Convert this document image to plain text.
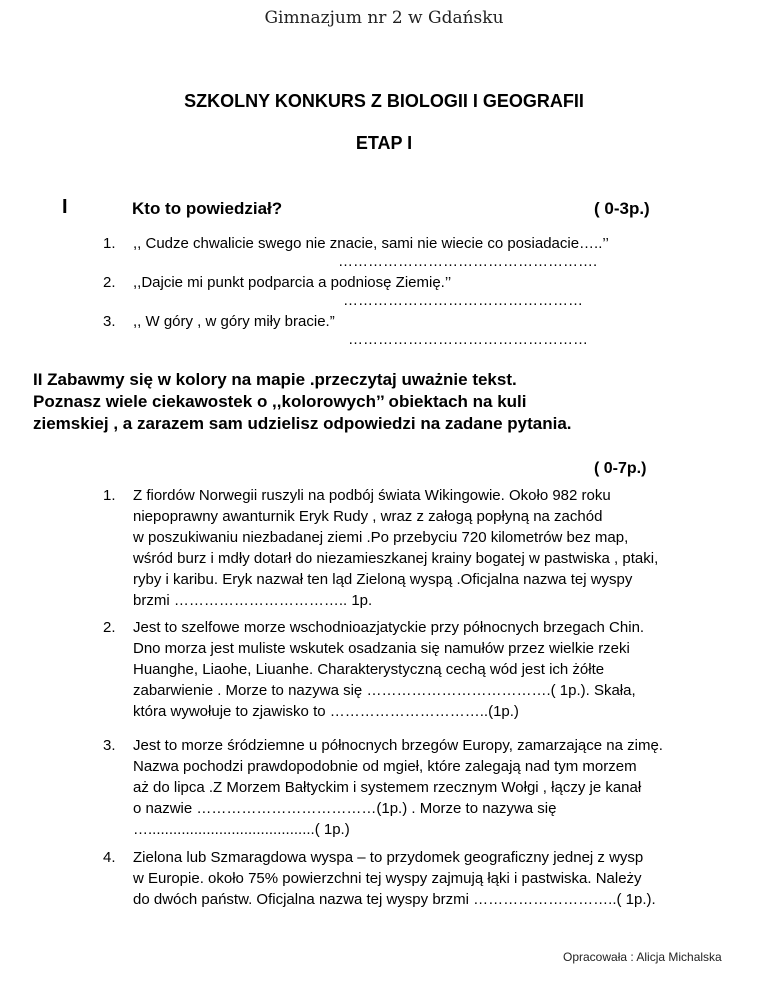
Gimnazjum nr 2 w Gdańsku
SZKOLNY KONKURS Z BIOLOGII I GEOGRAFII
ETAP I
I	Kto to powiedział?	( 0-3p.)
1. ,, Cudze chwalicie swego nie znacie, sami nie wiecie co posiadacie…..’’
…………………………………………….
2. ,,Dajcie mi punkt podparcia a podniosę Ziemię.’’
…………………………………………
3. ,, W góry , w góry miły bracie.”
…………………………………………
II Zabawmy się w kolory na mapie .przeczytaj uważnie tekst.
Poznasz wiele ciekawostek o ,,kolorowych’’ obiektach na kuli
ziemskiej , a zarazem sam udzielisz odpowiedzi na zadane pytania.
( 0-7p.)
1. Z fiordów Norwegii ruszyli na podbój świata Wikingowie. Około 982 roku
niepoprawny awanturnik Eryk Rudy , wraz z załogą popłyną na zachód
w poszukiwaniu niezbadanej ziemi .Po przebyciu 720 kilometrów bez map,
wśród burz i mdły dotarł do niezamieszkanej krainy bogatej w pastwiska , ptaki,
ryby i karibu. Eryk nazwał ten ląd Zieloną wyspą .Oficjalna nazwa tej wyspy
brzmi …………………………….. 1p.
2. Jest to szelfowe morze wschodnioazjatyckie przy północnych brzegach Chin.
Dno morza jest muliste wskutek osadzania się namułów przez wielkie rzeki
Huanghe, Liaohe, Liuanhe. Charakterystyczną cechą wód jest ich żółte
zabarwienie . Morze to nazywa się ……………………………….( 1p.). Skała,
która wywołuje to zjawisko to …………………………..(1p.)
3. Jest to morze śródziemne u północnych brzegów Europy, zamarzające na zimę.
Nazwa pochodzi prawdopodobnie od mgieł, które zalegają nad tym morzem
aż do lipca .Z Morzem Bałtyckim i systemem rzecznym Wołgi , łączy je kanał
o nazwie ………………………………(1p.) . Morze to nazywa się
…........................................( 1p.)
4. Zielona lub Szmaragdowa wyspa – to przydomek geograficzny jednej z wysp
w Europie. około 75% powierzchni tej wyspy zajmują łąki i pastwiska. Należy
do dwóch państw. Oficjalna nazwa tej wyspy brzmi ………………………..( 1p.).
Opracowała : Alicja Michalska
